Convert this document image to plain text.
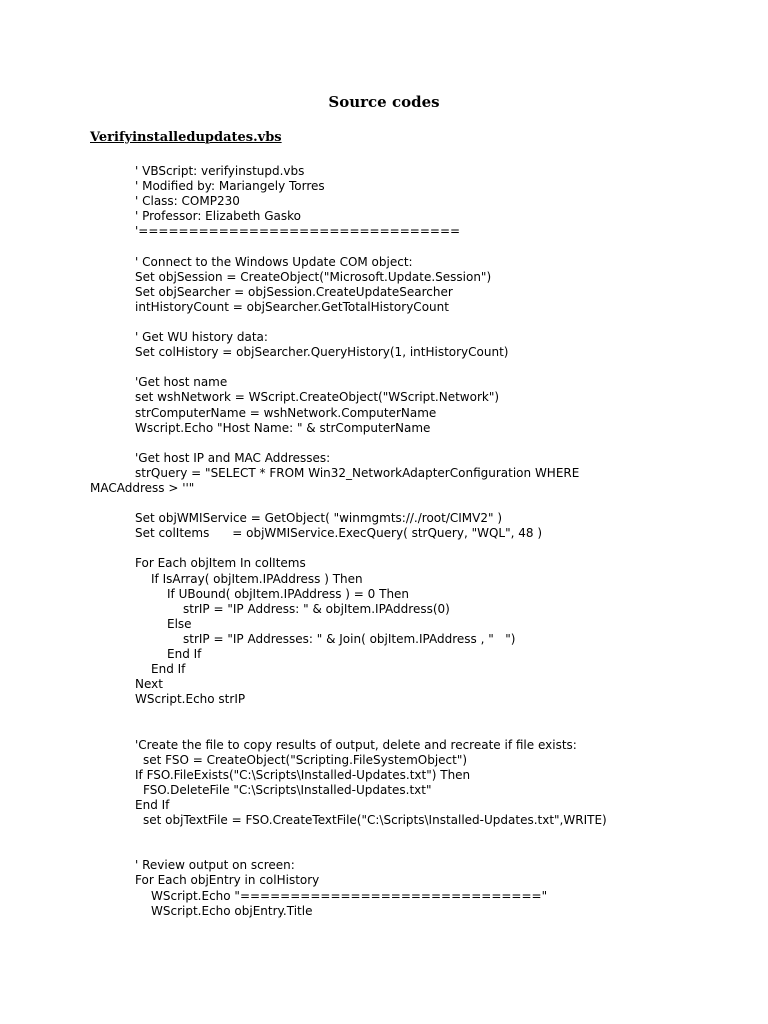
Source codes
Verifyinstalledupdates.vbs
' VBScript: verifyinstupd.vbs
' Modified by: Mariangely Torres
' Class: COMP230
' Professor: Elizabeth Gasko
'================================
' Connect to the Windows Update COM object:
Set objSession = CreateObject("Microsoft.Update.Session")
Set objSearcher = objSession.CreateUpdateSearcher
intHistoryCount = objSearcher.GetTotalHistoryCount
' Get WU history data:
Set colHistory = objSearcher.QueryHistory(1, intHistoryCount)
'Get host name
set wshNetwork = WScript.CreateObject("WScript.Network")
strComputerName = wshNetwork.ComputerName
Wscript.Echo "Host Name: " & strComputerName
'Get host IP and MAC Addresses:
strQuery = "SELECT * FROM Win32_NetworkAdapterConfiguration WHERE
MACAddress > ''"
Set objWMIService = GetObject( "winmgmts://./root/CIMV2" )
Set colItems      = objWMIService.ExecQuery( strQuery, "WQL", 48 )
For Each objItem In colItems
If IsArray( objItem.IPAddress ) Then
If UBound( objItem.IPAddress ) = 0 Then
strIP = "IP Address: " & objItem.IPAddress(0)
Else
strIP = "IP Addresses: " & Join( objItem.IPAddress , "   ")
End If
End If
Next
WScript.Echo strIP
'Create the file to copy results of output, delete and recreate if file exists:
set FSO = CreateObject("Scripting.FileSystemObject")
If FSO.FileExists("C:\Scripts\Installed-Updates.txt") Then
FSO.DeleteFile "C:\Scripts\Installed-Updates.txt"
End If
set objTextFile = FSO.CreateTextFile("C:\Scripts\Installed-Updates.txt",WRITE)
' Review output on screen:
For Each objEntry in colHistory
WScript.Echo "=============================="
WScript.Echo objEntry.Title
